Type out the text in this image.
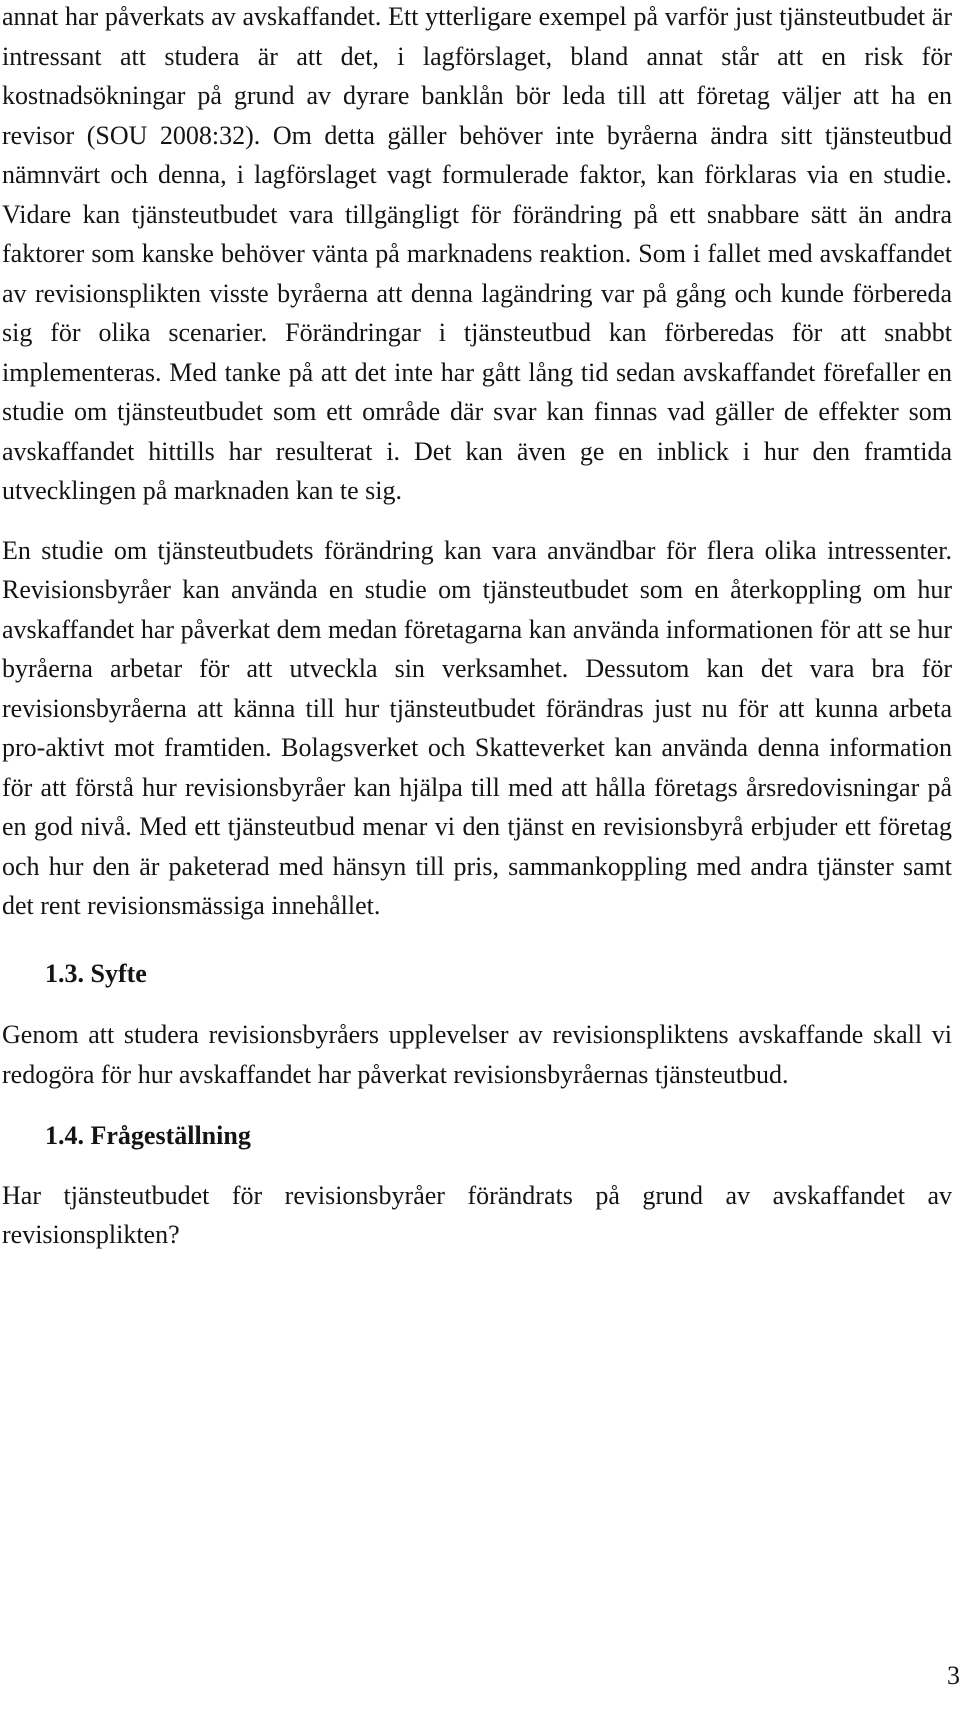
annat har påverkats av avskaffandet. Ett ytterligare exempel på varför just tjänsteutbudet är intressant att studera är att det, i lagförslaget, bland annat står att en risk för kostnadsökningar på grund av dyrare banklån bör leda till att företag väljer att ha en revisor (SOU 2008:32). Om detta gäller behöver inte byråerna ändra sitt tjänsteutbud nämnvärt och denna, i lagförslaget vagt formulerade faktor, kan förklaras via en studie. Vidare kan tjänsteutbudet vara tillgängligt för förändring på ett snabbare sätt än andra faktorer som kanske behöver vänta på marknadens reaktion. Som i fallet med avskaffandet av revisionsplikten visste byråerna att denna lagändring var på gång och kunde förbereda sig för olika scenarier. Förändringar i tjänsteutbud kan förberedas för att snabbt implementeras. Med tanke på att det inte har gått lång tid sedan avskaffandet förefaller en studie om tjänsteutbudet som ett område där svar kan finnas vad gäller de effekter som avskaffandet hittills har resulterat i. Det kan även ge en inblick i hur den framtida utvecklingen på marknaden kan te sig.

En studie om tjänsteutbudets förändring kan vara användbar för flera olika intressenter. Revisionsbyråer kan använda en studie om tjänsteutbudet som en återkoppling om hur avskaffandet har påverkat dem medan företagarna kan använda informationen för att se hur byråerna arbetar för att utveckla sin verksamhet. Dessutom kan det vara bra för revisionsbyråerna att känna till hur tjänsteutbudet förändras just nu för att kunna arbeta pro-aktivt mot framtiden. Bolagsverket och Skatteverket kan använda denna information för att förstå hur revisionsbyråer kan hjälpa till med att hålla företags årsredovisningar på en god nivå. Med ett tjänsteutbud menar vi den tjänst en revisionsbyrå erbjuder ett företag och hur den är paketerad med hänsyn till pris, sammankoppling med andra tjänster samt det rent revisionsmässiga innehållet.

1.3. Syfte

Genom att studera revisionsbyråers upplevelser av revisionspliktens avskaffande skall vi redogöra för hur avskaffandet har påverkat revisionsbyråernas tjänsteutbud.

1.4. Frågeställning

Har tjänsteutbudet för revisionsbyråer förändrats på grund av avskaffandet av revisionsplikten?

3
